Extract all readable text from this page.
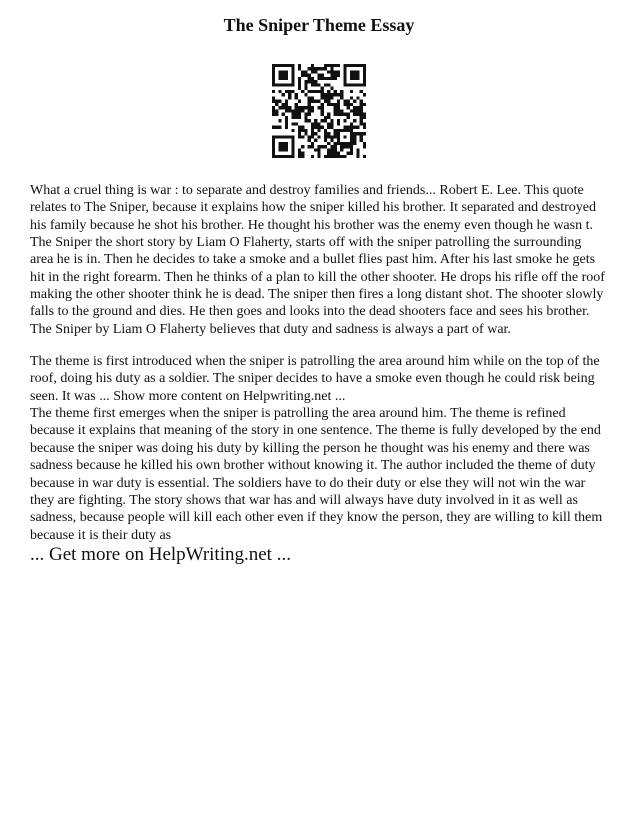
The Sniper Theme Essay

What a cruel thing is war : to separate and destroy families and friends... Robert E. Lee. This quote
relates to The Sniper, because it explains how the sniper killed his brother. It separated and destroyed
his family because he shot his brother. He thought his brother was the enemy even though he wasn t.
The Sniper the short story by Liam O Flaherty, starts off with the sniper patrolling the surrounding
area he is in. Then he decides to take a smoke and a bullet flies past him. After his last smoke he gets
hit in the right forearm. Then he thinks of a plan to kill the other shooter. He drops his rifle off the roof
making the other shooter think he is dead. The sniper then fires a long distant shot. The shooter slowly
falls to the ground and dies. He then goes and looks into the dead shooters face and sees his brother.
The Sniper by Liam O Flaherty believes that duty and sadness is always a part of war.

The theme is first introduced when the sniper is patrolling the area around him while on the top of the
roof, doing his duty as a soldier. The sniper decides to have a smoke even though he could risk being
seen. It was ... Show more content on Helpwriting.net ...
The theme first emerges when the sniper is patrolling the area around him. The theme is refined
because it explains that meaning of the story in one sentence. The theme is fully developed by the end
because the sniper was doing his duty by killing the person he thought was his enemy and there was
sadness because he killed his own brother without knowing it. The author included the theme of duty
because in war duty is essential. The soldiers have to do their duty or else they will not win the war
they are fighting. The story shows that war has and will always have duty involved in it as well as
sadness, because people will kill each other even if they know the person, they are willing to kill them
because it is their duty as

... Get more on HelpWriting.net ...
